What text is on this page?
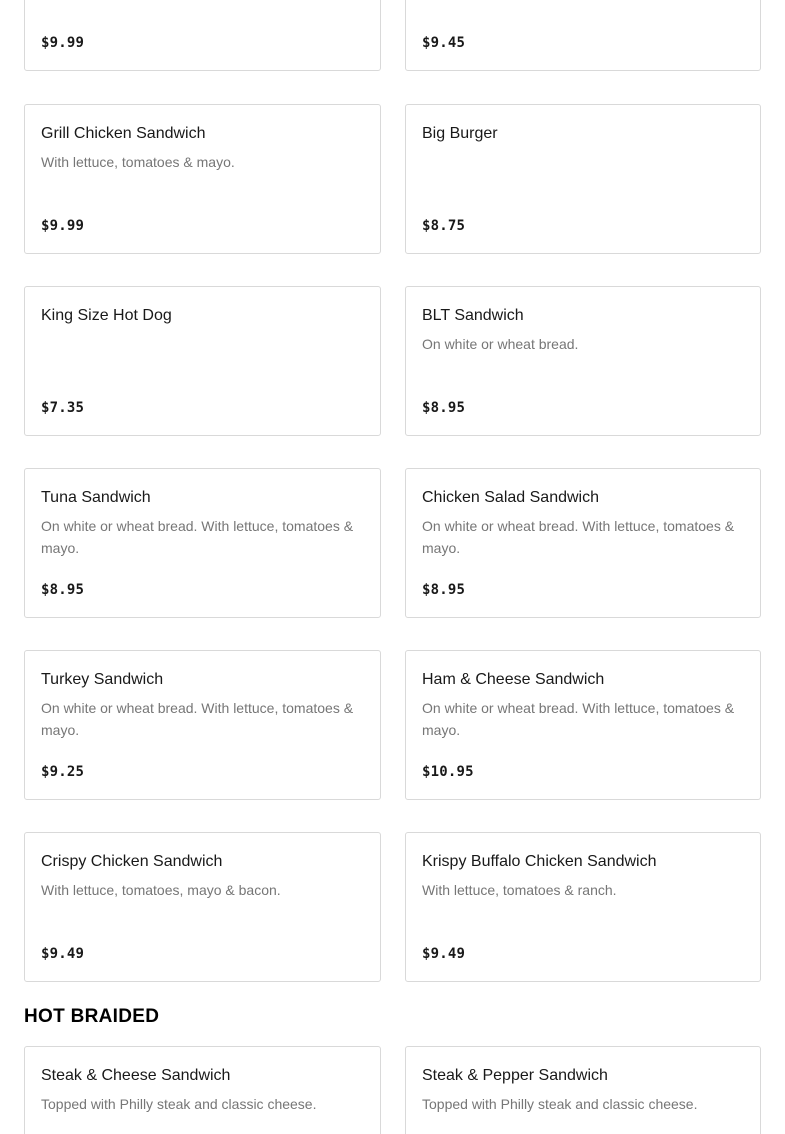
$9.99	$9.45
Grill Chicken Sandwich
With lettuce, tomatoes & mayo.
$9.99
Big Burger
$8.75
King Size Hot Dog
$7.35
BLT Sandwich
On white or wheat bread.
$8.95
Tuna Sandwich
On white or wheat bread. With lettuce, tomatoes & mayo.
$8.95
Chicken Salad Sandwich
On white or wheat bread. With lettuce, tomatoes & mayo.
$8.95
Turkey Sandwich
On white or wheat bread. With lettuce, tomatoes & mayo.
$9.25
Ham & Cheese Sandwich
On white or wheat bread. With lettuce, tomatoes & mayo.
$10.95
Crispy Chicken Sandwich
With lettuce, tomatoes, mayo & bacon.
$9.49
Krispy Buffalo Chicken Sandwich
With lettuce, tomatoes & ranch.
$9.49
HOT BRAIDED
Steak & Cheese Sandwich
Topped with Philly steak and classic cheese.
Steak & Pepper Sandwich
Topped with Philly steak and classic cheese.
